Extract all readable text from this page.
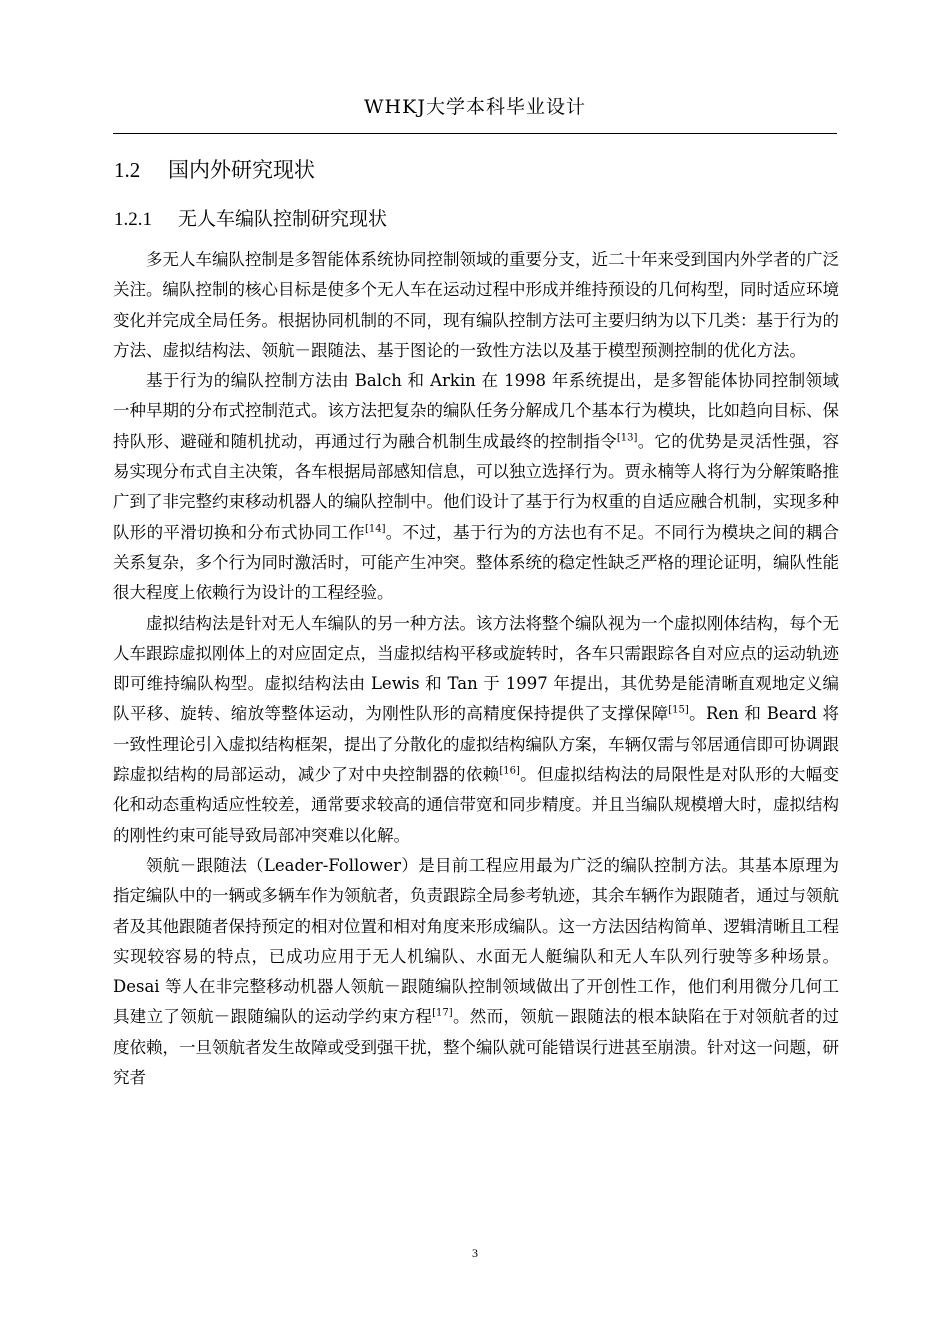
WHKJ大学本科毕业设计
1.2 国内外研究现状
1.2.1 无人车编队控制研究现状

多无人车编队控制是多智能体系统协同控制领域的重要分支，近二十年来受到国内外学者的广泛关注。编队控制的核心目标是使多个无人车在运动过程中形成并维持预设的几何构型，同时适应环境变化并完成全局任务。根据协同机制的不同，现有编队控制方法可主要归纳为以下几类：基于行为的方法、虚拟结构法、领航－跟随法、基于图论的一致性方法以及基于模型预测控制的优化方法。

基于行为的编队控制方法由 Balch 和 Arkin 在 1998 年系统提出，是多智能体协同控制领域一种早期的分布式控制范式。该方法把复杂的编队任务分解成几个基本行为模块，比如趋向目标、保持队形、避碰和随机扰动，再通过行为融合机制生成最终的控制指令[13]。它的优势是灵活性强，容易实现分布式自主决策，各车根据局部感知信息，可以独立选择行为。贾永楠等人将行为分解策略推广到了非完整约束移动机器人的编队控制中。他们设计了基于行为权重的自适应融合机制，实现多种队形的平滑切换和分布式协同工作[14]。不过，基于行为的方法也有不足。不同行为模块之间的耦合关系复杂，多个行为同时激活时，可能产生冲突。整体系统的稳定性缺乏严格的理论证明，编队性能很大程度上依赖行为设计的工程经验。

虚拟结构法是针对无人车编队的另一种方法。该方法将整个编队视为一个虚拟刚体结构，每个无人车跟踪虚拟刚体上的对应固定点，当虚拟结构平移或旋转时，各车只需跟踪各自对应点的运动轨迹即可维持编队构型。虚拟结构法由 Lewis 和 Tan 于 1997 年提出，其优势是能清晰直观地定义编队平移、旋转、缩放等整体运动，为刚性队形的高精度保持提供了支撑保障[15]。Ren 和 Beard 将一致性理论引入虚拟结构框架，提出了分散化的虚拟结构编队方案，车辆仅需与邻居通信即可协调跟踪虚拟结构的局部运动，减少了对中央控制器的依赖[16]。但虚拟结构法的局限性是对队形的大幅变化和动态重构适应性较差，通常要求较高的通信带宽和同步精度。并且当编队规模增大时，虚拟结构的刚性约束可能导致局部冲突难以化解。

领航－跟随法（Leader-Follower）是目前工程应用最为广泛的编队控制方法。其基本原理为指定编队中的一辆或多辆车作为领航者，负责跟踪全局参考轨迹，其余车辆作为跟随者，通过与领航者及其他跟随者保持预定的相对位置和相对角度来形成编队。这一方法因结构简单、逻辑清晰且工程实现较容易的特点，已成功应用于无人机编队、水面无人艇编队和无人车队列行驶等多种场景。Desai 等人在非完整移动机器人领航－跟随编队控制领域做出了开创性工作，他们利用微分几何工具建立了领航－跟随编队的运动学约束方程[17]。然而，领航－跟随法的根本缺陷在于对领航者的过度依赖，一旦领航者发生故障或受到强干扰，整个编队就可能错误行进甚至崩溃。针对这一问题，研究者

3
